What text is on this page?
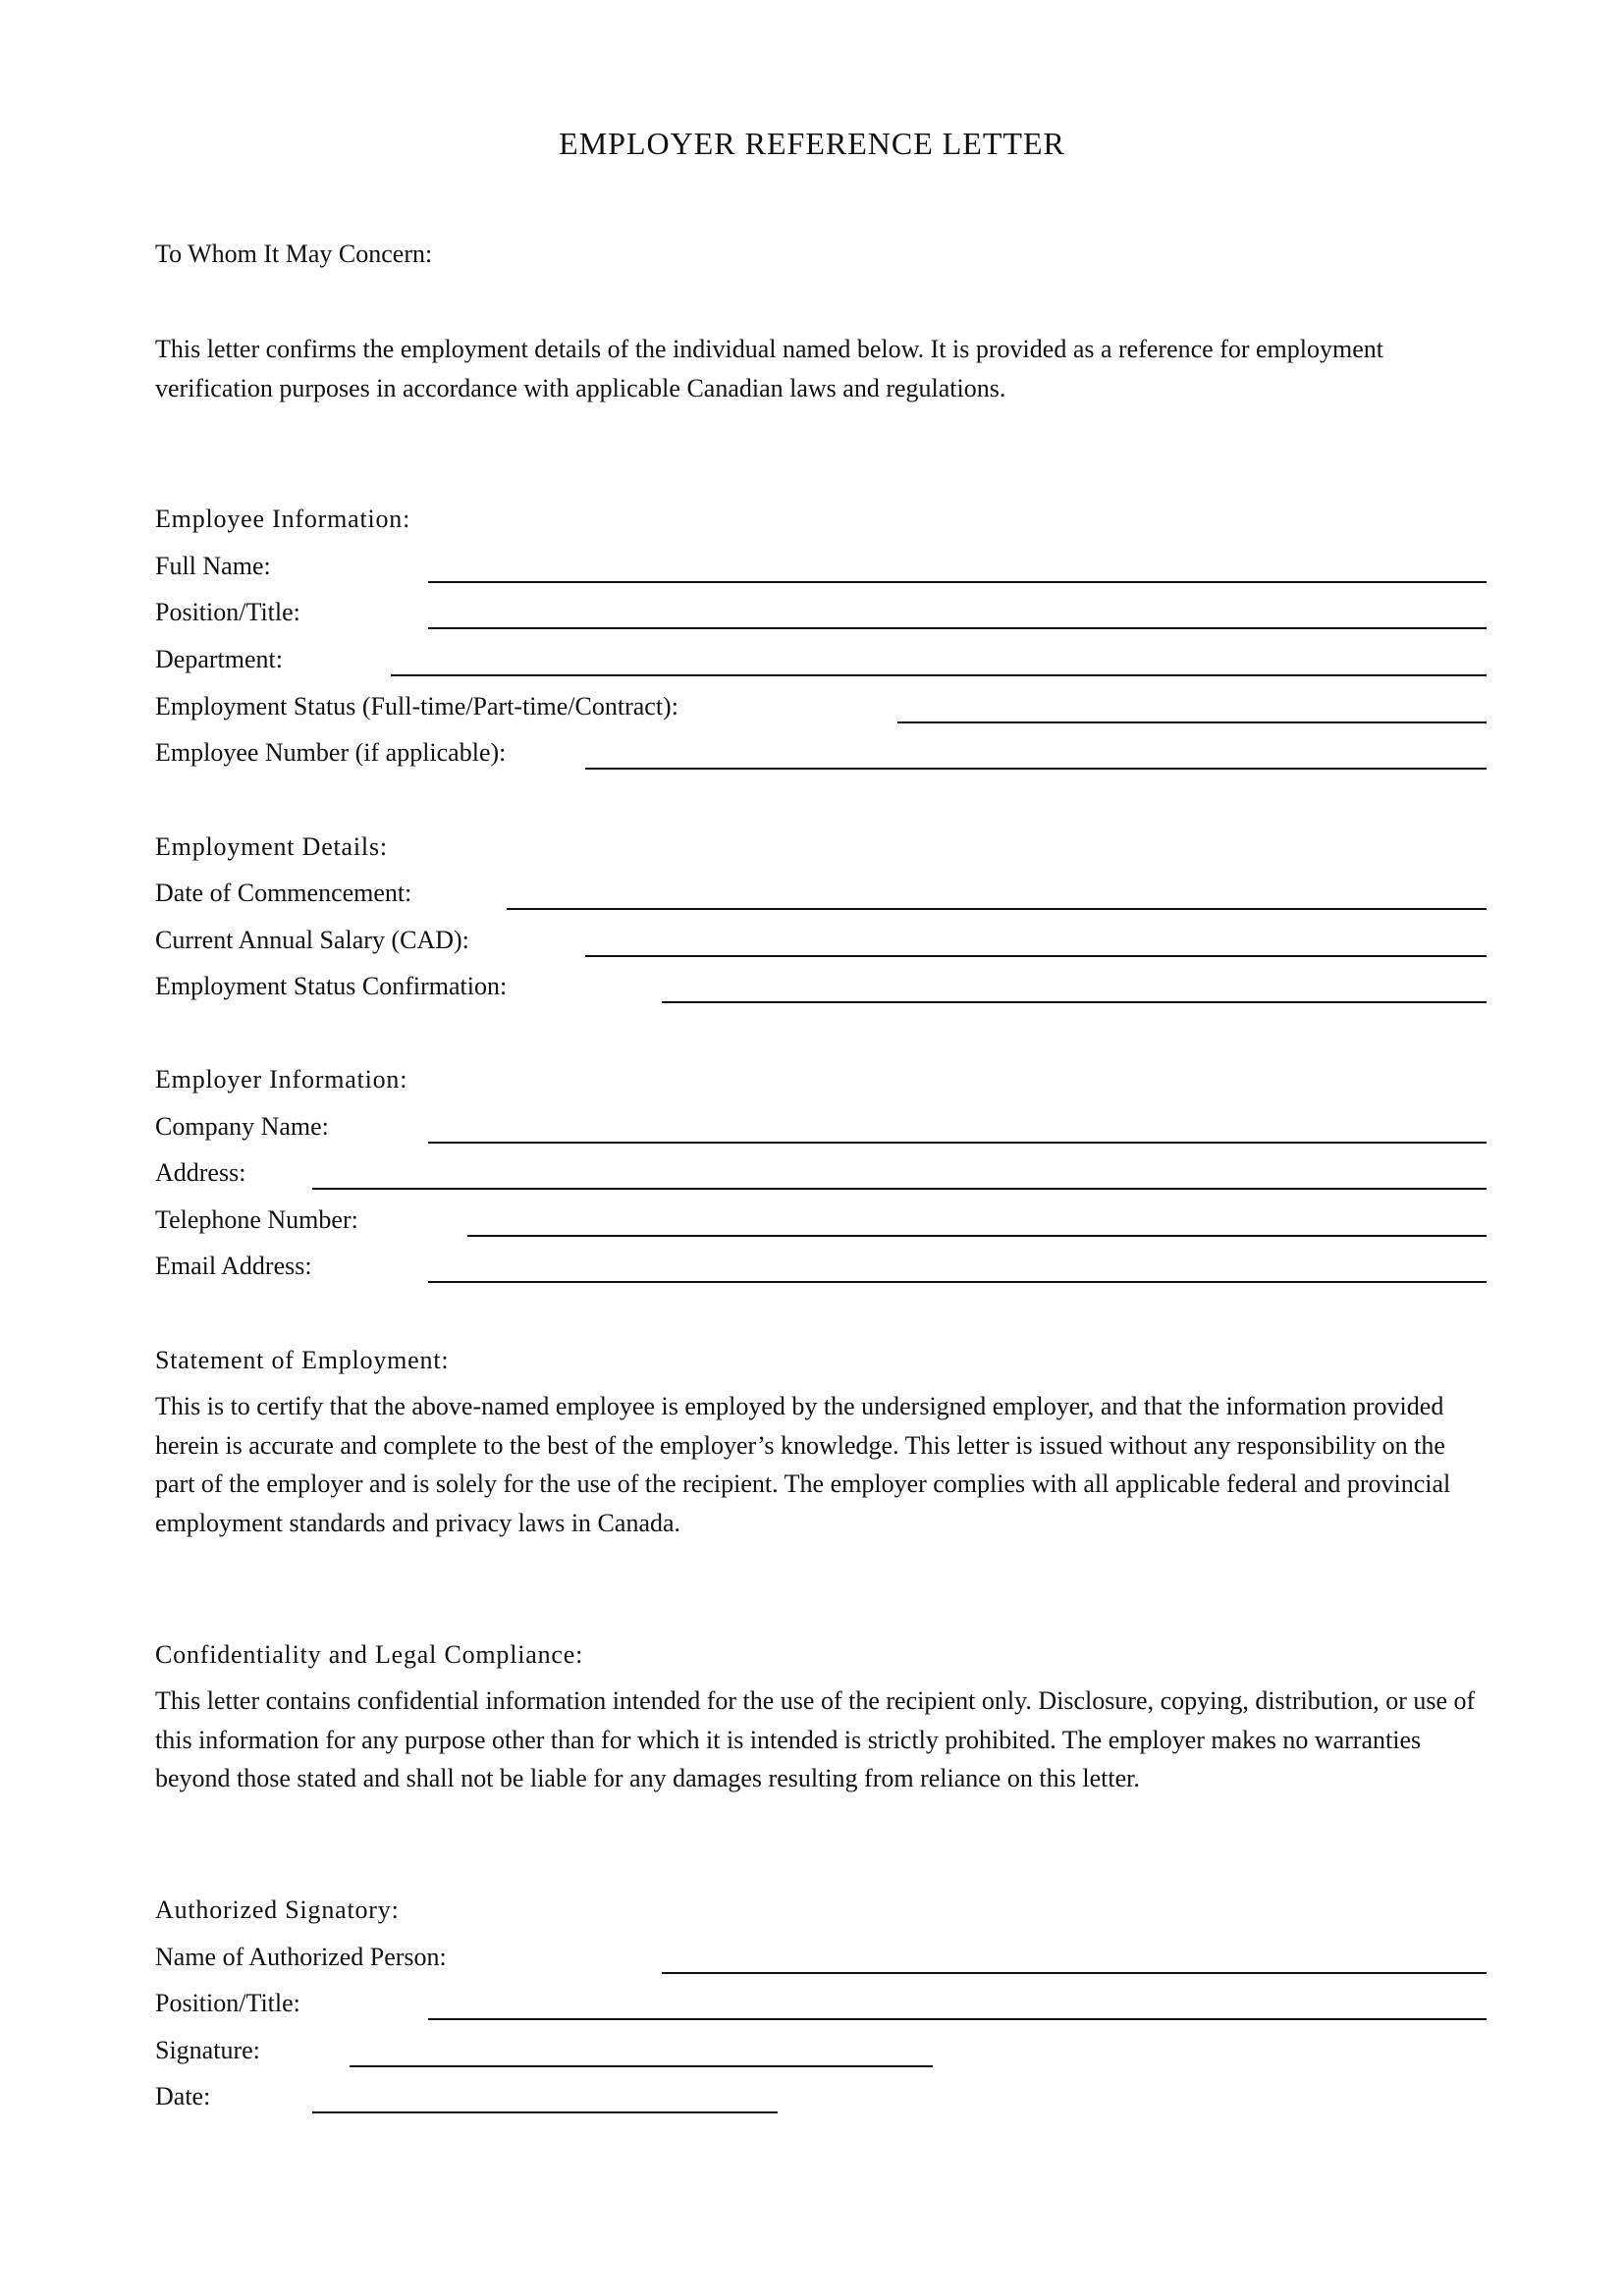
EMPLOYER REFERENCE LETTER
To Whom It May Concern:
This letter confirms the employment details of the individual named below. It is provided as a reference for employment verification purposes in accordance with applicable Canadian laws and regulations.
Employee Information:
Full Name:
Position/Title:
Department:
Employment Status (Full-time/Part-time/Contract):
Employee Number (if applicable):
Employment Details:
Date of Commencement:
Current Annual Salary (CAD):
Employment Status Confirmation:
Employer Information:
Company Name:
Address:
Telephone Number:
Email Address:
Statement of Employment:
This is to certify that the above-named employee is employed by the undersigned employer, and that the information provided herein is accurate and complete to the best of the employer’s knowledge. This letter is issued without any responsibility on the part of the employer and is solely for the use of the recipient. The employer complies with all applicable federal and provincial employment standards and privacy laws in Canada.
Confidentiality and Legal Compliance:
This letter contains confidential information intended for the use of the recipient only. Disclosure, copying, distribution, or use of this information for any purpose other than for which it is intended is strictly prohibited. The employer makes no warranties beyond those stated and shall not be liable for any damages resulting from reliance on this letter.
Authorized Signatory:
Name of Authorized Person:
Position/Title:
Signature:
Date:
